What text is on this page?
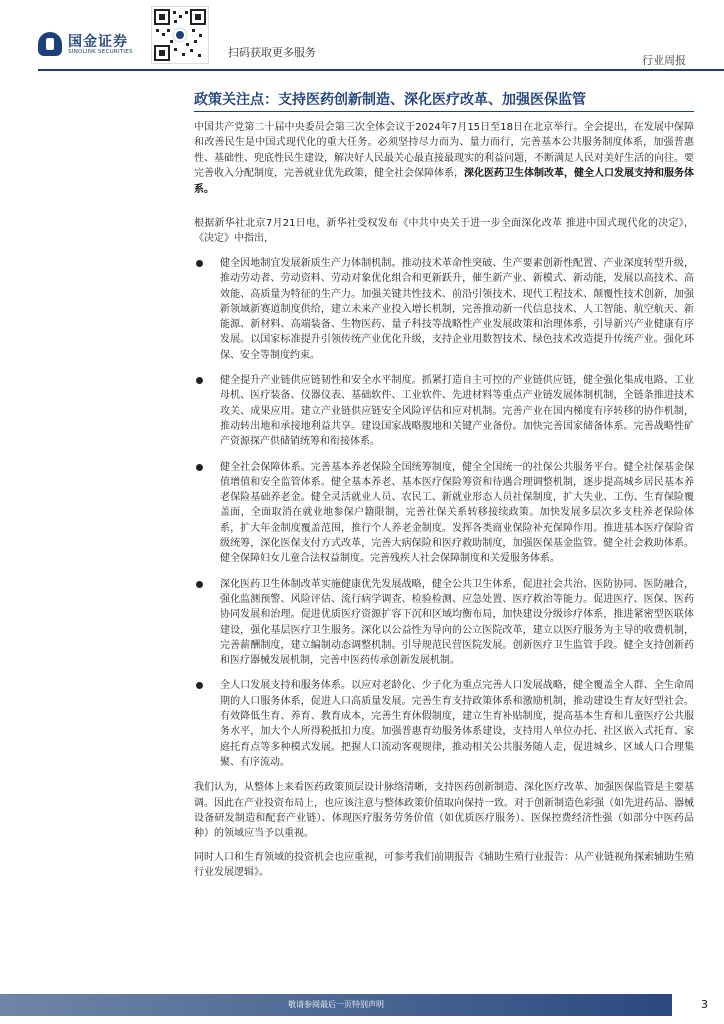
国金证券
SINOLINK SECURITIES	扫码获取更多服务
行业周报
政策关注点：支持医药创新制造、深化医疗改革、加强医保监管

中国共产党第二十届中央委员会第三次全体会议于2024年7月15日至18日在北京举行。全会提出，在发展中保障和改善民生是中国式现代化的重大任务。必须坚持尽力而为、量力而行，完善基本公共服务制度体系，加强普惠性、基础性、兜底性民生建设，解决好人民最关心最直接最现实的利益问题，不断满足人民对美好生活的向往。要完善收入分配制度，完善就业优先政策，健全社会保障体系，深化医药卫生体制改革，健全人口发展支持和服务体系。

根据新华社北京7月21日电，新华社受权发布《中共中央关于进一步全面深化改革 推进中国式现代化的决定》，《决定》中指出，

健全因地制宜发展新质生产力体制机制。推动技术革命性突破、生产要素创新性配置、产业深度转型升级，推动劳动者、劳动资料、劳动对象优化组合和更新跃升，催生新产业、新模式、新动能，发展以高技术、高效能、高质量为特征的生产力。加强关键共性技术、前沿引领技术、现代工程技术、颠覆性技术创新，加强新领域新赛道制度供给，建立未来产业投入增长机制，完善推动新一代信息技术、人工智能、航空航天、新能源、新材料、高端装备、生物医药、量子科技等战略性产业发展政策和治理体系，引导新兴产业健康有序发展。以国家标准提升引领传统产业优化升级，支持企业用数智技术、绿色技术改造提升传统产业。强化环保、安全等制度约束。
健全提升产业链供应链韧性和安全水平制度。抓紧打造自主可控的产业链供应链，健全强化集成电路、工业母机、医疗装备、仪器仪表、基础软件、工业软件、先进材料等重点产业链发展体制机制，全链条推进技术攻关、成果应用。建立产业链供应链安全风险评估和应对机制。完善产业在国内梯度有序转移的协作机制，推动转出地和承接地利益共享。建设国家战略腹地和关键产业备份。加快完善国家储备体系。完善战略性矿产资源探产供储销统筹和衔接体系。
健全社会保障体系。完善基本养老保险全国统筹制度，健全全国统一的社保公共服务平台。健全社保基金保值增值和安全监管体系。健全基本养老、基本医疗保险筹资和待遇合理调整机制，逐步提高城乡居民基本养老保险基础养老金。健全灵活就业人员、农民工、新就业形态人员社保制度，扩大失业、工伤、生育保险覆盖面，全面取消在就业地参保户籍限制，完善社保关系转移接续政策。加快发展多层次多支柱养老保险体系，扩大年金制度覆盖范围，推行个人养老金制度。发挥各类商业保险补充保障作用。推进基本医疗保险省级统筹，深化医保支付方式改革，完善大病保险和医疗救助制度，加强医保基金监管。健全社会救助体系。健全保障妇女儿童合法权益制度。完善残疾人社会保障制度和关爱服务体系。
深化医药卫生体制改革实施健康优先发展战略，健全公共卫生体系，促进社会共治、医防协同、医防融合，强化监测预警、风险评估、流行病学调查、检验检测、应急处置、医疗救治等能力。促进医疗、医保、医药协同发展和治理。促进优质医疗资源扩容下沉和区域均衡布局，加快建设分级诊疗体系，推进紧密型医联体建设，强化基层医疗卫生服务。深化以公益性为导向的公立医院改革，建立以医疗服务为主导的收费机制，完善薪酬制度，建立编制动态调整机制。引导规范民营医院发展。创新医疗卫生监管手段。健全支持创新药和医疗器械发展机制，完善中医药传承创新发展机制。
全人口发展支持和服务体系。以应对老龄化、少子化为重点完善人口发展战略，健全覆盖全人群、全生命周期的人口服务体系，促进人口高质量发展。完善生育支持政策体系和激励机制，推动建设生育友好型社会。有效降低生育、养育、教育成本，完善生育休假制度，建立生育补贴制度，提高基本生育和儿童医疗公共服务水平，加大个人所得税抵扣力度。加强普惠育幼服务体系建设，支持用人单位办托、社区嵌入式托育、家庭托育点等多种模式发展。把握人口流动客观规律，推动相关公共服务随人走，促进城乡、区域人口合理集聚、有序流动。

我们认为，从整体上来看医药政策顶层设计脉络清晰，支持医药创新制造、深化医疗改革、加强医保监管是主要基调。因此在产业投资布局上，也应该注意与整体政策价值取向保持一致。对于创新制造色彩强（如先进药品、器械设备研发制造和配套产业链）、体现医疗服务劳务价值（如优质医疗服务）、医保控费经济性强（如部分中医药品种）的领域应当予以重视。

同时人口和生育领域的投资机会也应重视，可参考我们前期报告《辅助生殖行业报告：从产业链视角探索辅助生殖行业发展逻辑》。

敬请参阅最后一页特别声明	3
